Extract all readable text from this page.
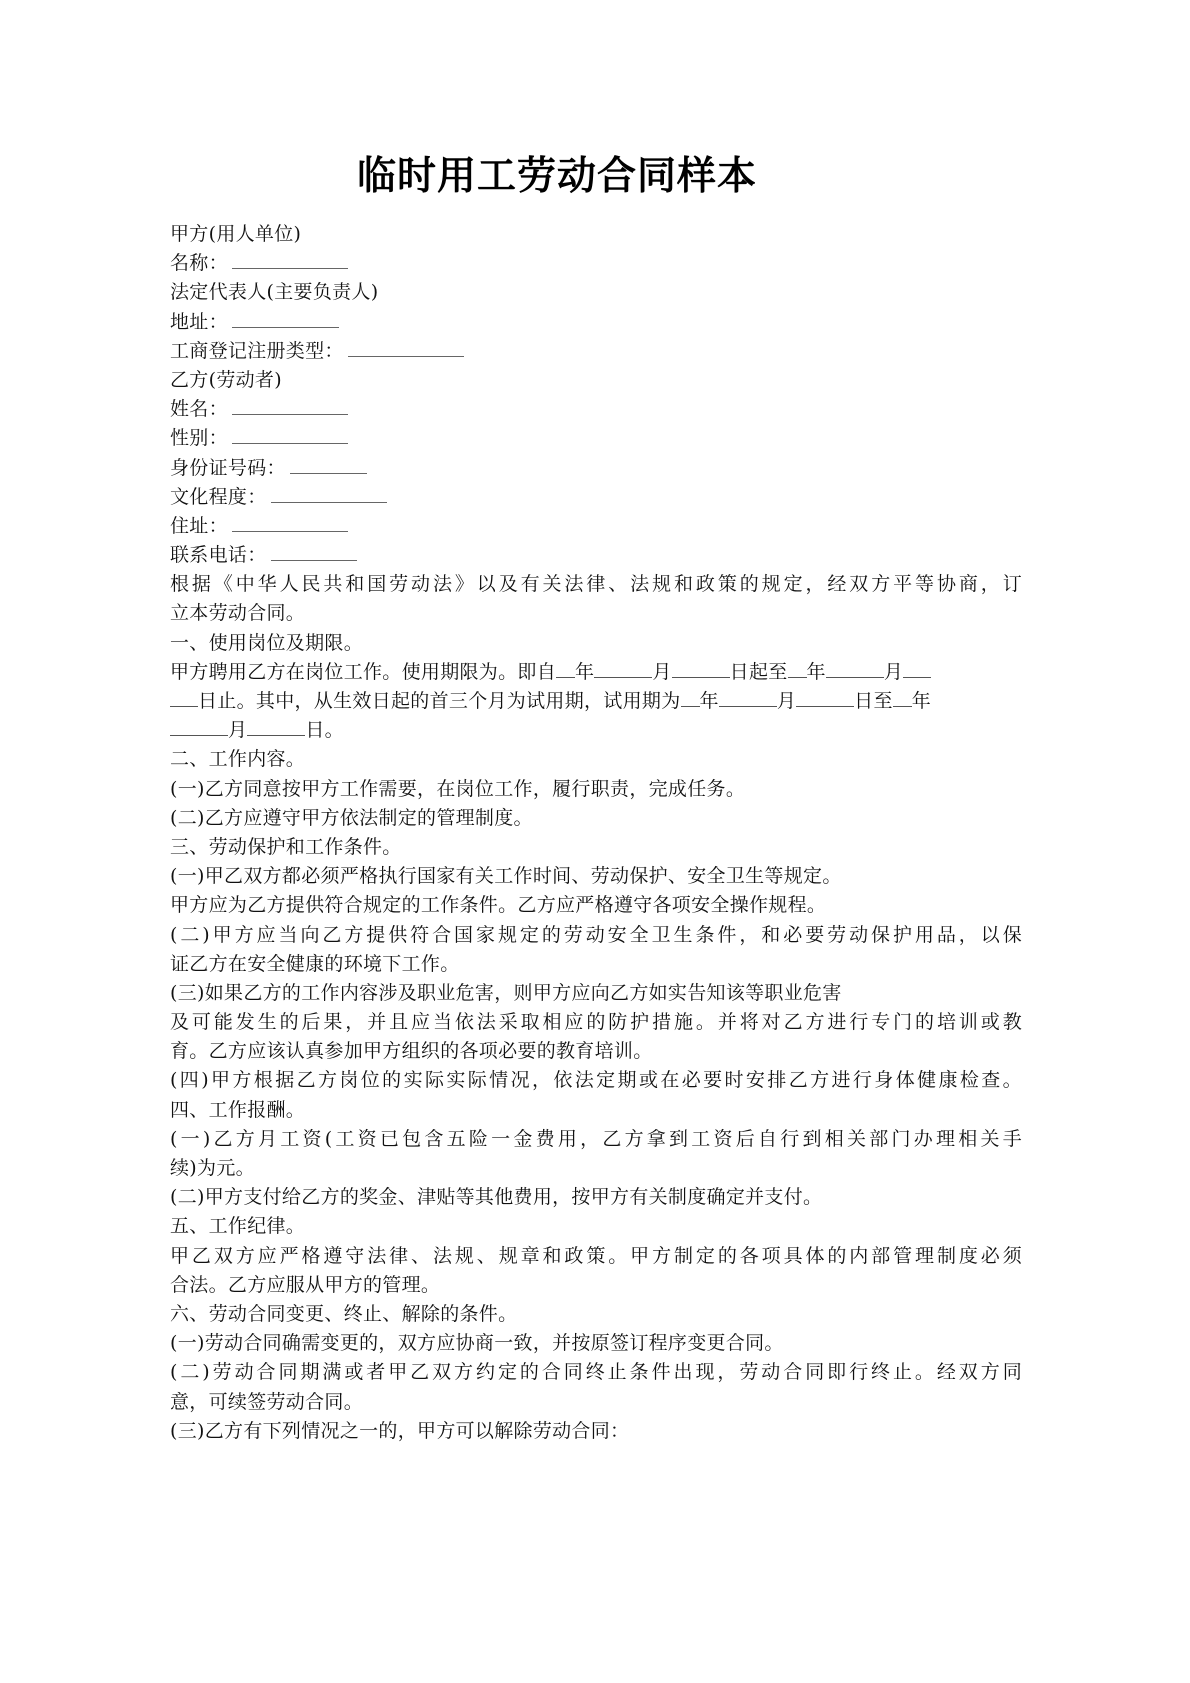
临时用工劳动合同样本
甲方(用人单位)
名称：
法定代表人(主要负责人)
地址：
工商登记注册类型：
乙方(劳动者)
姓名：
性别：
身份证号码：
文化程度：
住址：
联系电话：
根据《中华人民共和国劳动法》以及有关法律、法规和政策的规定，经双方平等协商，订
立本劳动合同。
一、使用岗位及期限。
甲方聘用乙方在岗位工作。使用期限为。即自 年	月	日起至 年	月
日止。其中，从生效日起的首三个月为试用期，试用期为 年	月	日至 年
月	日。
二、工作内容。
(一)乙方同意按甲方工作需要，在岗位工作，履行职责，完成任务。
(二)乙方应遵守甲方依法制定的管理制度。
三、劳动保护和工作条件。
(一)甲乙双方都必须严格执行国家有关工作时间、劳动保护、安全卫生等规定。
甲方应为乙方提供符合规定的工作条件。乙方应严格遵守各项安全操作规程。
(二)甲方应当向乙方提供符合国家规定的劳动安全卫生条件，和必要劳动保护用品，以保
证乙方在安全健康的环境下工作。
(三)如果乙方的工作内容涉及职业危害，则甲方应向乙方如实告知该等职业危害
及可能发生的后果，并且应当依法采取相应的防护措施。并将对乙方进行专门的培训或教
育。乙方应该认真参加甲方组织的各项必要的教育培训。
(四)甲方根据乙方岗位的实际实际情况，依法定期或在必要时安排乙方进行身体健康检查。
四、工作报酬。
(一)乙方月工资(工资已包含五险一金费用，乙方拿到工资后自行到相关部门办理相关手
续)为元。
(二)甲方支付给乙方的奖金、津贴等其他费用，按甲方有关制度确定并支付。
五、工作纪律。
甲乙双方应严格遵守法律、法规、规章和政策。甲方制定的各项具体的内部管理制度必须
合法。乙方应服从甲方的管理。
六、劳动合同变更、终止、解除的条件。
(一)劳动合同确需变更的，双方应协商一致，并按原签订程序变更合同。
(二)劳动合同期满或者甲乙双方约定的合同终止条件出现，劳动合同即行终止。经双方同
意，可续签劳动合同。
(三)乙方有下列情况之一的，甲方可以解除劳动合同：
